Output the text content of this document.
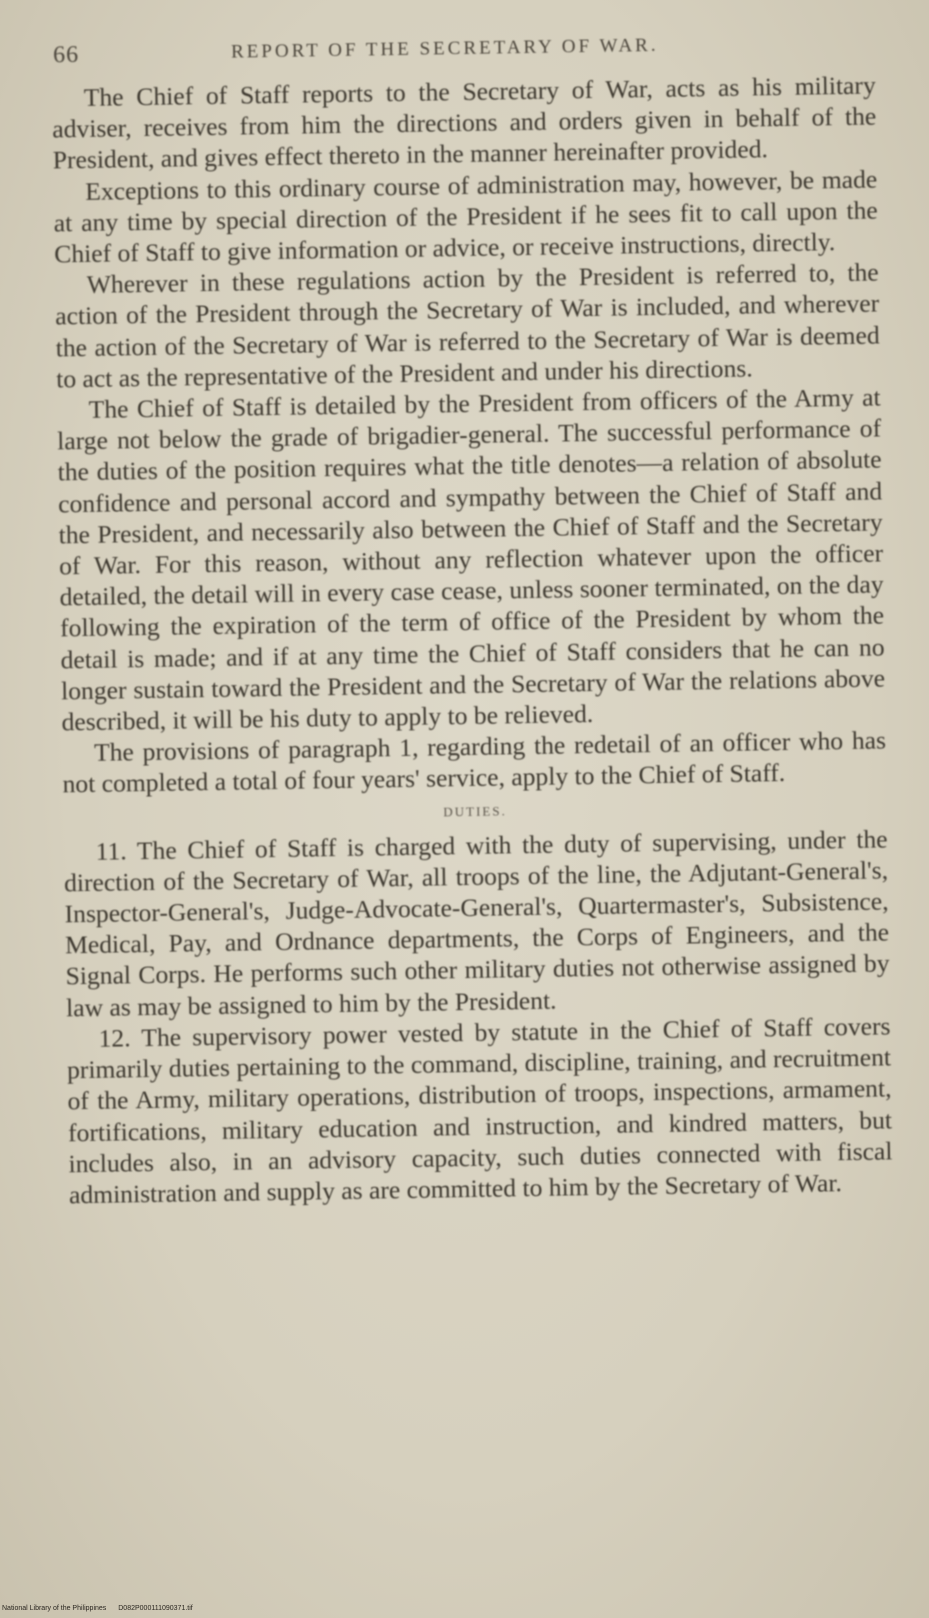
66	REPORT OF THE SECRETARY OF WAR.

The Chief of Staff reports to the Secretary of War, acts as his military adviser, receives from him the directions and orders given in behalf of the President, and gives effect thereto in the manner hereinafter provided.

Exceptions to this ordinary course of administration may, however, be made at any time by special direction of the President if he sees fit to call upon the Chief of Staff to give information or advice, or receive instructions, directly.

Wherever in these regulations action by the President is referred to, the action of the President through the Secretary of War is included, and wherever the action of the Secretary of War is referred to the Secretary of War is deemed to act as the representative of the President and under his directions.

The Chief of Staff is detailed by the President from officers of the Army at large not below the grade of brigadier-general. The successful performance of the duties of the position requires what the title denotes—a relation of absolute confidence and personal accord and sympathy between the Chief of Staff and the President, and necessarily also between the Chief of Staff and the Secretary of War. For this reason, without any reflection whatever upon the officer detailed, the detail will in every case cease, unless sooner terminated, on the day following the expiration of the term of office of the President by whom the detail is made; and if at any time the Chief of Staff considers that he can no longer sustain toward the President and the Secretary of War the relations above described, it will be his duty to apply to be relieved.

The provisions of paragraph 1, regarding the redetail of an officer who has not completed a total of four years' service, apply to the Chief of Staff.

DUTIES.

11. The Chief of Staff is charged with the duty of supervising, under the direction of the Secretary of War, all troops of the line, the Adjutant-General's, Inspector-General's, Judge-Advocate-General's, Quartermaster's, Subsistence, Medical, Pay, and Ordnance departments, the Corps of Engineers, and the Signal Corps. He performs such other military duties not otherwise assigned by law as may be assigned to him by the President.

12. The supervisory power vested by statute in the Chief of Staff covers primarily duties pertaining to the command, discipline, training, and recruitment of the Army, military operations, distribution of troops, inspections, armament, fortifications, military education and instruction, and kindred matters, but includes also, in an advisory capacity, such duties connected with fiscal administration and supply as are committed to him by the Secretary of War.

National Library of the Philippines D082P000111090371.tif
